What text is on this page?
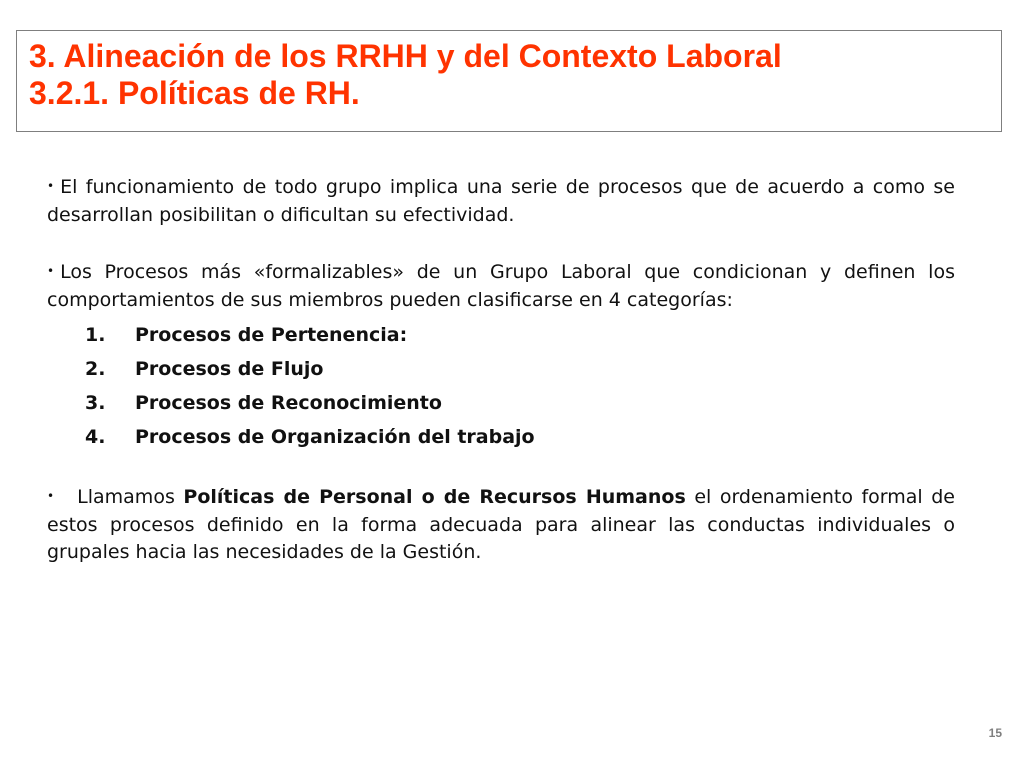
3. Alineación de los RRHH y del Contexto Laboral
3.2.1. Políticas de RH.

• El funcionamiento de todo grupo implica una serie de procesos que de acuerdo a como se desarrollan posibilitan o dificultan su efectividad.

• Los Procesos más «formalizables» de un Grupo Laboral que condicionan y definen los comportamientos de sus miembros pueden clasificarse en 4 categorías:

1.	Procesos de Pertenencia:
2.	Procesos de Flujo
3.	Procesos de Reconocimiento
4.	Procesos de Organización del trabajo

•  Llamamos Políticas de Personal o de Recursos Humanos el ordenamiento formal de estos procesos definido en la forma adecuada para alinear las conductas individuales o grupales hacia las necesidades de la Gestión.

15
